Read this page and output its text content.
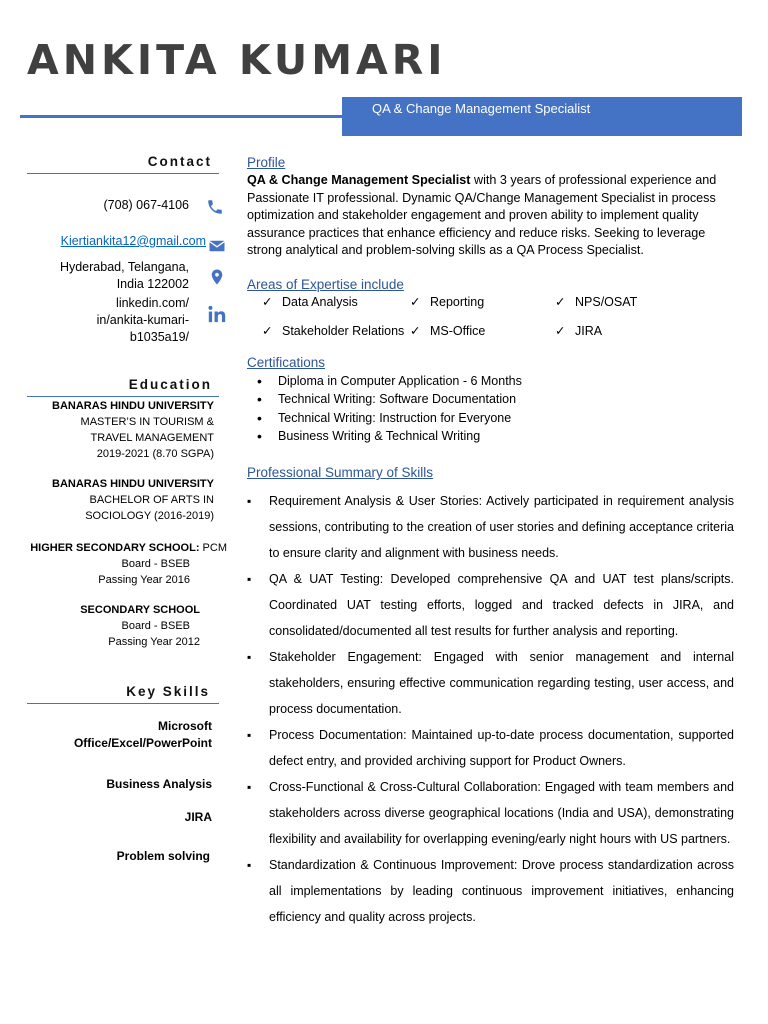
ANKITA KUMARI
QA & Change Management Specialist
Contact
(708) 067-4106
Kiertiankita12@gmail.com
Hyderabad, Telangana,
India 122002
linkedin.com/
in/ankita-kumari-
b1035a19/
Education
BANARAS HINDU UNIVERSITY
MASTER’S IN TOURISM &
TRAVEL MANAGEMENT
2019-2021 (8.70 SGPA)
BANARAS HINDU UNIVERSITY
BACHELOR OF ARTS IN
SOCIOLOGY (2016-2019)
HIGHER SECONDARY SCHOOL: PCM
Board - BSEB
Passing Year 2016
SECONDARY SCHOOL
Board - BSEB
Passing Year 2012
Key Skills
Microsoft
Office/Excel/PowerPoint
Business Analysis
JIRA
Problem solving
Profile
QA & Change Management Specialist with 3 years of professional experience and Passionate IT professional. Dynamic QA/Change Management Specialist in process optimization and stakeholder engagement and proven ability to implement quality assurance practices that enhance efficiency and reduce risks. Seeking to leverage strong analytical and problem-solving skills as a QA Process Specialist.
Areas of Expertise include
✓ Data Analysis	✓ Reporting	✓ NPS/OSAT
✓ Stakeholder Relations ✓ MS-Office	✓ JIRA
Certifications
• Diploma in Computer Application - 6 Months
• Technical Writing: Software Documentation
• Technical Writing: Instruction for Everyone
• Business Writing & Technical Writing
Professional Summary of Skills
▪ Requirement Analysis & User Stories: Actively participated in requirement analysis sessions, contributing to the creation of user stories and defining acceptance criteria to ensure clarity and alignment with business needs.
▪ QA & UAT Testing: Developed comprehensive QA and UAT test plans/scripts. Coordinated UAT testing efforts, logged and tracked defects in JIRA, and consolidated/documented all test results for further analysis and reporting.
▪ Stakeholder Engagement: Engaged with senior management and internal stakeholders, ensuring effective communication regarding testing, user access, and process documentation.
▪ Process Documentation: Maintained up-to-date process documentation, supported defect entry, and provided archiving support for Product Owners.
▪ Cross-Functional & Cross-Cultural Collaboration: Engaged with team members and stakeholders across diverse geographical locations (India and USA), demonstrating flexibility and availability for overlapping evening/early night hours with US partners.
▪ Standardization & Continuous Improvement: Drove process standardization across all implementations by leading continuous improvement initiatives, enhancing efficiency and quality across projects.
